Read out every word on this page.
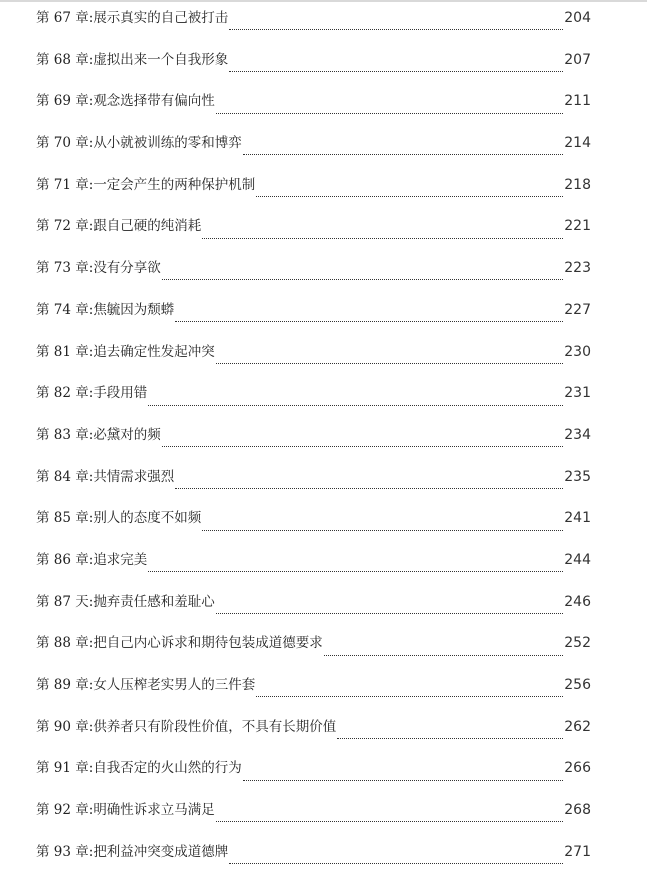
第 67 章: 展示真实的自己被打击	204
第 68 章: 虚拟出来一个自我形象	207
第 69 章: 观念选择带有偏向性	211
第 70 章: 从小就被训练的零和博弈	214
第 71 章: 一定会产生的两种保护机制	218
第 72 章: 跟自己硬的纯消耗	221
第 73 章: 没有分享欲	223
第 74 章: 焦毓因为颓蟒	227
第 81 章: 追去确定性发起冲突	230
第 82 章: 手段用错	231
第 83 章: 必黛对的频	234
第 84 章: 共情需求强烈	235
第 85 章: 别人的态度不如频	241
第 86 章: 追求完美	244
第 87 天: 抛弃责任感和羞耻心	246
第 88 章: 把自己内心诉求和期待包装成道德要求	252
第 89 章: 女人压榨老实男人的三件套	256
第 90 章: 供养者只有阶段性价值，不具有长期价值	262
第 91 章: 自我否定的火山然的行为	266
第 92 章: 明确性诉求立马满足	268
第 93 章: 把利益冲突变成道德牌	271
